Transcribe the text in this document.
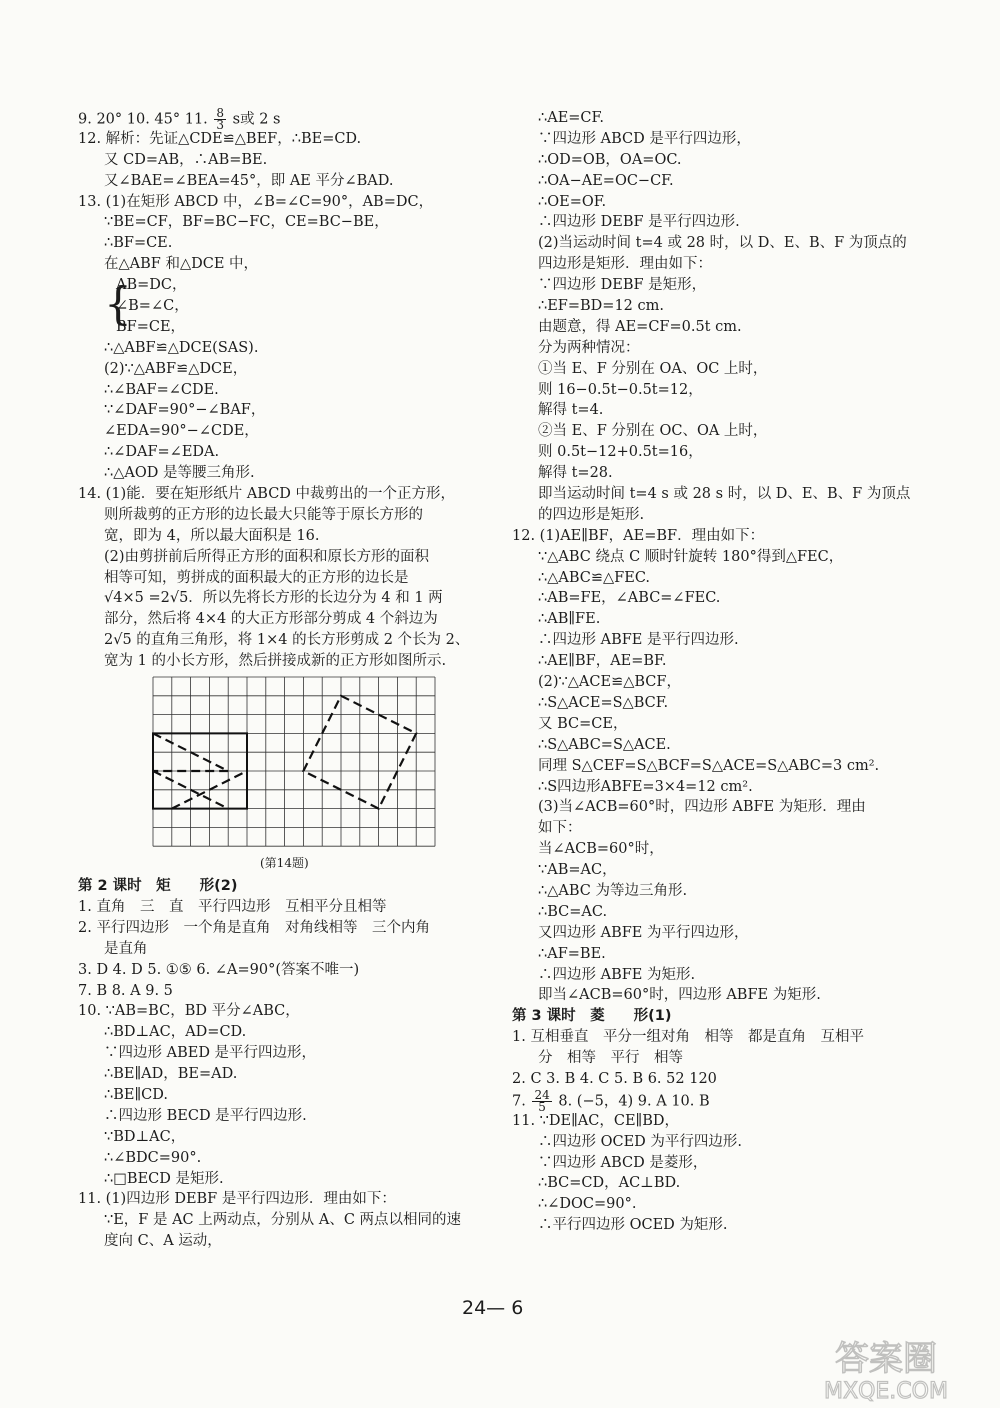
9. 20° 10. 45° 11. $\frac{8}{3}$ s或 2 s
12. 解析：先证△CDE≌△BEF，∴BE=CD.
又 CD=AB，∴AB=BE.
又∠BAE=∠BEA=45°，即 AE 平分∠BAD.
13. (1)在矩形 ABCD 中，∠B=∠C=90°，AB=DC，
∵BE=CF，BF=BC−FC，CE=BC−BE，
∴BF=CE.
在△ABF 和△DCE 中，
{
AB=DC，
∠B=∠C，
BF=CE，
∴△ABF≌△DCE(SAS).
(2)∵△ABF≌△DCE，
∴∠BAF=∠CDE.
∵∠DAF=90°−∠BAF，
∠EDA=90°−∠CDE，
∴∠DAF=∠EDA.
∴△AOD 是等腰三角形.
14. (1)能．要在矩形纸片 ABCD 中裁剪出的一个正方形，
则所裁剪的正方形的边长最大只能等于原长方形的
宽，即为 4，所以最大面积是 16.
(2)由剪拼前后所得正方形的面积和原长方形的面积
相等可知，剪拼成的面积最大的正方形的边长是
√4×5 =2√5．所以先将长方形的长边分为 4 和 1 两
部分，然后将 4×4 的大正方形部分剪成 4 个斜边为
2√5 的直角三角形，将 1×4 的长方形剪成 2 个长为 2、
宽为 1 的小长方形，然后拼接成新的正方形如图所示.
(第14题)
第 2 课时　矩　　形(2)
1. 直角　三　直　平行四边形　互相平分且相等
2. 平行四边形　一个角是直角　对角线相等　三个内角
是直角
3. D 4. D 5. ①⑤ 6. ∠A=90°(答案不唯一)
7. B 8. A 9. 5
10. ∵AB=BC，BD 平分∠ABC，
∴BD⊥AC，AD=CD.
∵四边形 ABED 是平行四边形，
∴BE∥AD，BE=AD.
∴BE∥CD.
∴四边形 BECD 是平行四边形.
∵BD⊥AC，
∴∠BDC=90°.
∴□BECD 是矩形.
11. (1)四边形 DEBF 是平行四边形．理由如下：
∵E，F 是 AC 上两动点，分别从 A、C 两点以相同的速
度向 C、A 运动，
∴AE=CF.
∵四边形 ABCD 是平行四边形，
∴OD=OB，OA=OC.
∴OA−AE=OC−CF.
∴OE=OF.
∴四边形 DEBF 是平行四边形.
(2)当运动时间 t=4 或 28 时，以 D、E、B、F 为顶点的
四边形是矩形．理由如下：
∵四边形 DEBF 是矩形，
∴EF=BD=12 cm.
由题意，得 AE=CF=0.5t cm.
分为两种情况：
①当 E、F 分别在 OA、OC 上时，
则 16−0.5t−0.5t=12，
解得 t=4.
②当 E、F 分别在 OC、OA 上时，
则 0.5t−12+0.5t=16，
解得 t=28.
即当运动时间 t=4 s 或 28 s 时，以 D、E、B、F 为顶点
的四边形是矩形.
12. (1)AE∥BF，AE=BF．理由如下：
∵△ABC 绕点 C 顺时针旋转 180°得到△FEC，
∴△ABC≌△FEC.
∴AB=FE，∠ABC=∠FEC.
∴AB∥FE.
∴四边形 ABFE 是平行四边形.
∴AE∥BF，AE=BF.
(2)∵△ACE≌△BCF，
∴S△ACE=S△BCF.
又 BC=CE，
∴S△ABC=S△ACE.
同理 S△CEF=S△BCF=S△ACE=S△ABC=3 cm².
∴S四边形ABFE=3×4=12 cm².
(3)当∠ACB=60°时，四边形 ABFE 为矩形．理由
如下：
当∠ACB=60°时，
∵AB=AC，
∴△ABC 为等边三角形.
∴BC=AC.
又四边形 ABFE 为平行四边形，
∴AF=BE.
∴四边形 ABFE 为矩形.
即当∠ACB=60°时，四边形 ABFE 为矩形.
第 3 课时　菱　　形(1)
1. 互相垂直　平分一组对角　相等　都是直角　互相平
分　相等　平行　相等
2. C 3. B 4. C 5. B 6. 52 120
7. $\frac{24}{5} 8$. (−5，4) 9. A 10. B
11. ∵DE∥AC，CE∥BD，
∴四边形 OCED 为平行四边形.
∵四边形 ABCD 是菱形，
∴BC=CD，AC⊥BD.
∴∠DOC=90°.
∴平行四边形 OCED 为矩形.
24— 6
答案圈
MXQE.COM
